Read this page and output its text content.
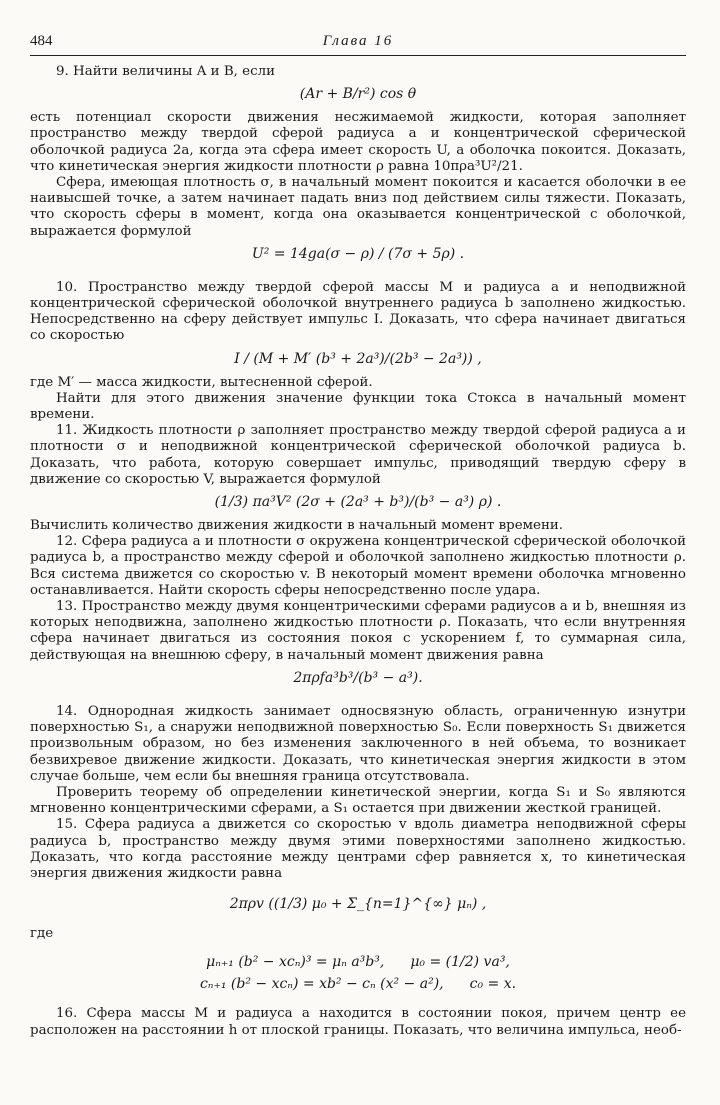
484	Глава 16

9. Найти величины A и B, если

(Ar + B/r²) cos θ

есть потенциал скорости движения несжимаемой жидкости, которая заполняет пространство между твердой сферой радиуса a и концентрической сферической оболочкой радиуса 2a, когда эта сфера имеет скорость U, а оболочка покоится. Доказать, что кинетическая энергия жидкости плотности ρ равна 10πρa³U²/21.

Сфера, имеющая плотность σ, в начальный момент покоится и касается оболочки в ее наивысшей точке, а затем начинает падать вниз под действием силы тяжести. Показать, что скорость сферы в момент, когда она оказывается концентрической с оболочкой, выражается формулой

U² = 14ga(σ − ρ) / (7σ + 5ρ) .

10. Пространство между твердой сферой массы M и радиуса a и неподвижной концентрической сферической оболочкой внутреннего радиуса b заполнено жидкостью. Непосредственно на сферу действует импульс I. Доказать, что сфера начинает двигаться со скоростью

I / (M + M′ (b³ + 2a³)/(2b³ − 2a³)) ,

где M′ — масса жидкости, вытесненной сферой.

Найти для этого движения значение функции тока Стокса в начальный момент времени.

11. Жидкость плотности ρ заполняет пространство между твердой сферой радиуса a и плотности σ и неподвижной концентрической сферической оболочкой радиуса b. Доказать, что работа, которую совершает импульс, приводящий твердую сферу в движение со скоростью V, выражается формулой

(1/3) πa³V² (2σ + (2a³ + b³)/(b³ − a³) ρ) .

Вычислить количество движения жидкости в начальный момент времени.

12. Сфера радиуса a и плотности σ окружена концентрической сферической оболочкой радиуса b, а пространство между сферой и оболочкой заполнено жидкостью плотности ρ. Вся система движется со скоростью v. В некоторый момент времени оболочка мгновенно останавливается. Найти скорость сферы непосредственно после удара.

13. Пространство между двумя концентрическими сферами радиусов a и b, внешняя из которых неподвижна, заполнено жидкостью плотности ρ. Показать, что если внутренняя сфера начинает двигаться из состояния покоя с ускорением f, то суммарная сила, действующая на внешнюю сферу, в начальный момент движения равна

2πρfa³b³/(b³ − a³).

14. Однородная жидкость занимает односвязную область, ограниченную изнутри поверхностью S₁, а снаружи неподвижной поверхностью S₀. Если поверхность S₁ движется произвольным образом, но без изменения заключенного в ней объема, то возникает безвихревое движение жидкости. Доказать, что кинетическая энергия жидкости в этом случае больше, чем если бы внешняя граница отсутствовала.

Проверить теорему об определении кинетической энергии, когда S₁ и S₀ являются мгновенно концентрическими сферами, а S₁ остается при движении жесткой границей.

15. Сфера радиуса a движется со скоростью v вдоль диаметра неподвижной сферы радиуса b, пространство между двумя этими поверхностями заполнено жидкостью. Доказать, что когда расстояние между центрами сфер равняется x, то кинетическая энергия движения жидкости равна

2πρv ((1/3) μ₀ + Σ_{n=1}^{∞} μₙ) ,

где

μₙ₊₁ (b² − xcₙ)³ = μₙ a³b³, μ₀ = (1/2) va³,
cₙ₊₁ (b² − xcₙ) = xb² − cₙ (x² − a²), c₀ = x.

16. Сфера массы M и радиуса a находится в состоянии покоя, причем центр ее расположен на расстоянии h от плоской границы. Показать, что величина импульса, необ-
